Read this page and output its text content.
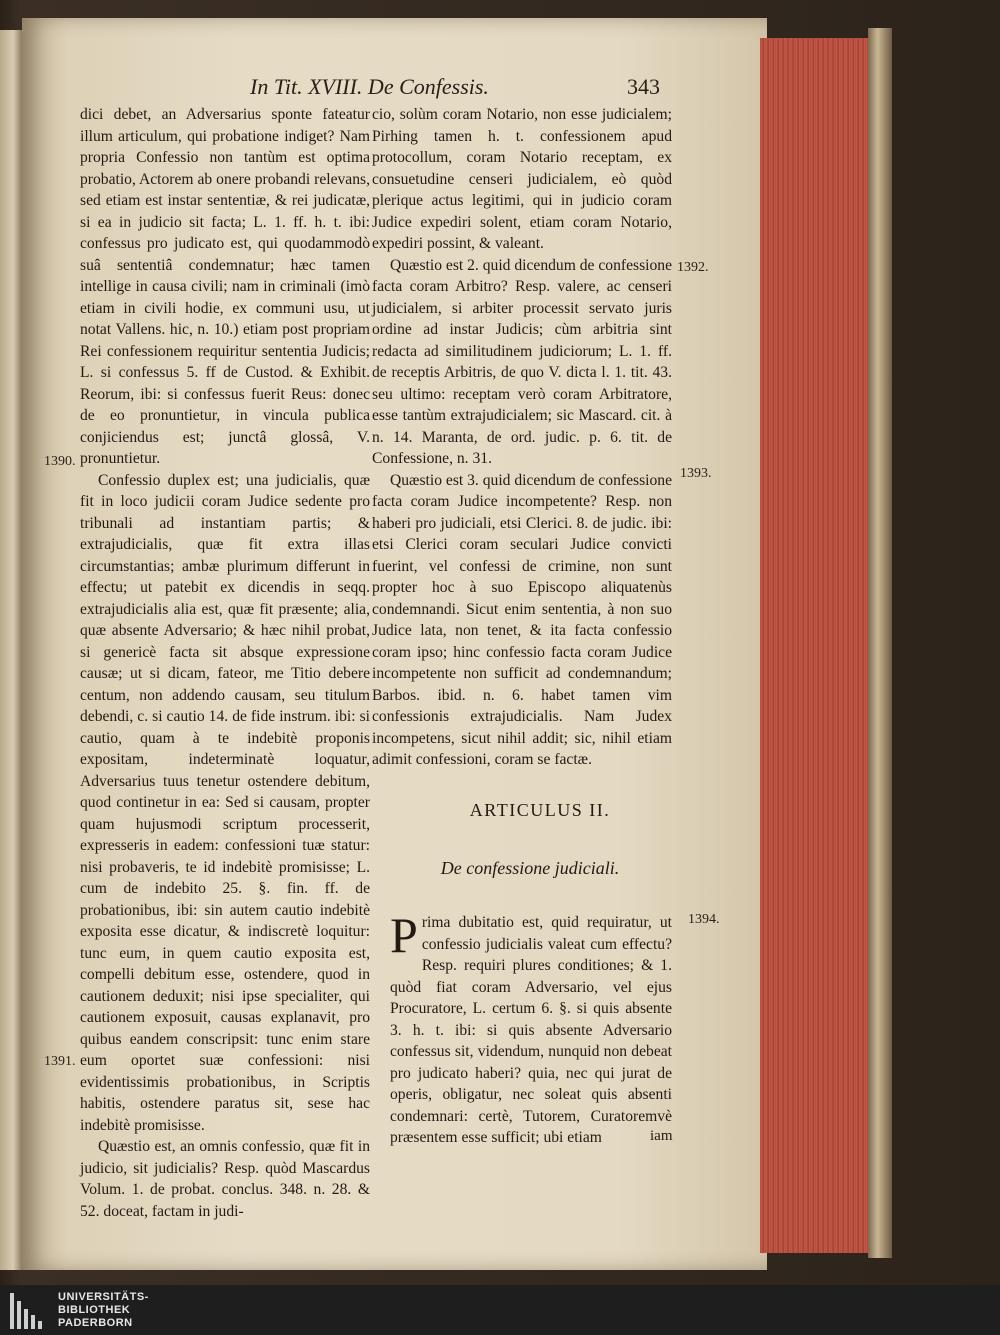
In Tit. XVIII. De Confessis.	343

dici debet, an Adversarius sponte fateatur illum articulum, qui probatione indiget? Nam propria Confessio non tantùm est optima probatio, Actorem ab onere probandi relevans, sed etiam est instar sententiæ, & rei judicatæ, si ea in judicio sit facta; L. 1. ff. h. t. ibi: confessus pro judicato est, qui quodammodò suâ sententiâ condemnatur; hæc tamen intellige in causa civili; nam in criminali (imò etiam in civili hodie, ex communi usu, ut notat Vallens. hic, n. 10.) etiam post propriam Rei confessionem requiritur sententia Judicis; L. si confessus 5. ff de Custod. & Exhibit. Reorum, ibi: si confessus fuerit Reus: donec de eo pronuntietur, in vincula publica conjiciendus est; junctâ glossâ, V. pronuntietur.

Confessio duplex est; una judicialis, quæ fit in loco judicii coram Judice sedente pro tribunali ad instantiam partis; & extrajudicialis, quæ fit extra illas circumstantias; ambæ plurimum differunt in effectu; ut patebit ex dicendis in seqq. extrajudicialis alia est, quæ fit præsente; alia, quæ absente Adversario; & hæc nihil probat, si genericè facta sit absque expressione causæ; ut si dicam, fateor, me Titio debere centum, non addendo causam, seu titulum debendi, c. si cautio 14. de fide instrum. ibi: si cautio, quam à te indebitè proponis expositam, indeterminatè loquatur, Adversarius tuus tenetur ostendere debitum, quod continetur in ea: Sed si causam, propter quam hujusmodi scriptum processerit, expresseris in eadem: confessioni tuæ statur: nisi probaveris, te id indebitè promisisse; L. cum de indebito 25. §. fin. ff. de probationibus, ibi: sin autem cautio indebitè exposita esse dicatur, & indiscretè loquitur: tunc eum, in quem cautio exposita est, compelli debitum esse, ostendere, quod in cautionem deduxit; nisi ipse specialiter, qui cautionem exposuit, causas explanavit, pro quibus eandem conscripsit: tunc enim stare eum oportet suæ confessioni: nisi evidentissimis probationibus, in Scriptis habitis, ostendere paratus sit, sese hac indebitè promisisse.

Quæstio est, an omnis confessio, quæ fit in judicio, sit judicialis? Resp. quòd Mascardus Volum. 1. de probat. conclus. 348. n. 28. & 52. doceat, factam in judi-

cio, solùm coram Notario, non esse judicialem; Pirhing tamen h. t. confessionem apud protocollum, coram Notario receptam, ex consuetudine censeri judicialem, eò quòd plerique actus legitimi, qui in judicio coram Judice expediri solent, etiam coram Notario, expediri possint, & valeant.

Quæstio est 2. quid dicendum de confessione facta coram Arbitro? Resp. valere, ac censeri judicialem, si arbiter processit servato juris ordine ad instar Judicis; cùm arbitria sint redacta ad similitudinem judiciorum; L. 1. ff. de receptis Arbitris, de quo V. dicta l. 1. tit. 43. seu ultimo: receptam verò coram Arbitratore, esse tantùm extrajudicialem; sic Mascard. cit. à n. 14. Maranta, de ord. judic. p. 6. tit. de Confessione, n. 31.

Quæstio est 3. quid dicendum de confessione facta coram Judice incompetente? Resp. non haberi pro judiciali, etsi Clerici. 8. de judic. ibi: etsi Clerici coram seculari Judice convicti fuerint, vel confessi de crimine, non sunt propter hoc à suo Episcopo aliquatenùs condemnandi. Sicut enim sententia, à non suo Judice lata, non tenet, & ita facta confessio coram ipso; hinc confessio facta coram Judice incompetente non sufficit ad condemnandum; Barbos. ibid. n. 6. habet tamen vim confessionis extrajudicialis. Nam Judex incompetens, sicut nihil addit; sic, nihil etiam adimit confessioni, coram se factæ.

1390.
1391.
1392.
1393.
1394.
ARTICULUS II.
De confessione judiciali.
P rima dubitatio est, quid requiratur, ut confessio judicialis valeat cum effectu? Resp. requiri plures conditiones; & 1. quòd fiat coram Adversario, vel ejus Procuratore, L. certum 6. §. si quis absente 3. h. t. ibi: si quis absente Adversario confessus sit, videndum, nunquid non debeat pro judicato haberi? quia, nec qui jurat de operis, obligatur, nec soleat quis absenti condemnari: certè, Tutorem, Curatoremvè præsentem esse sufficit; ubi etiam	iam
UNIVERSITÄTS-
BIBLIOTHEK
PADERBORN
